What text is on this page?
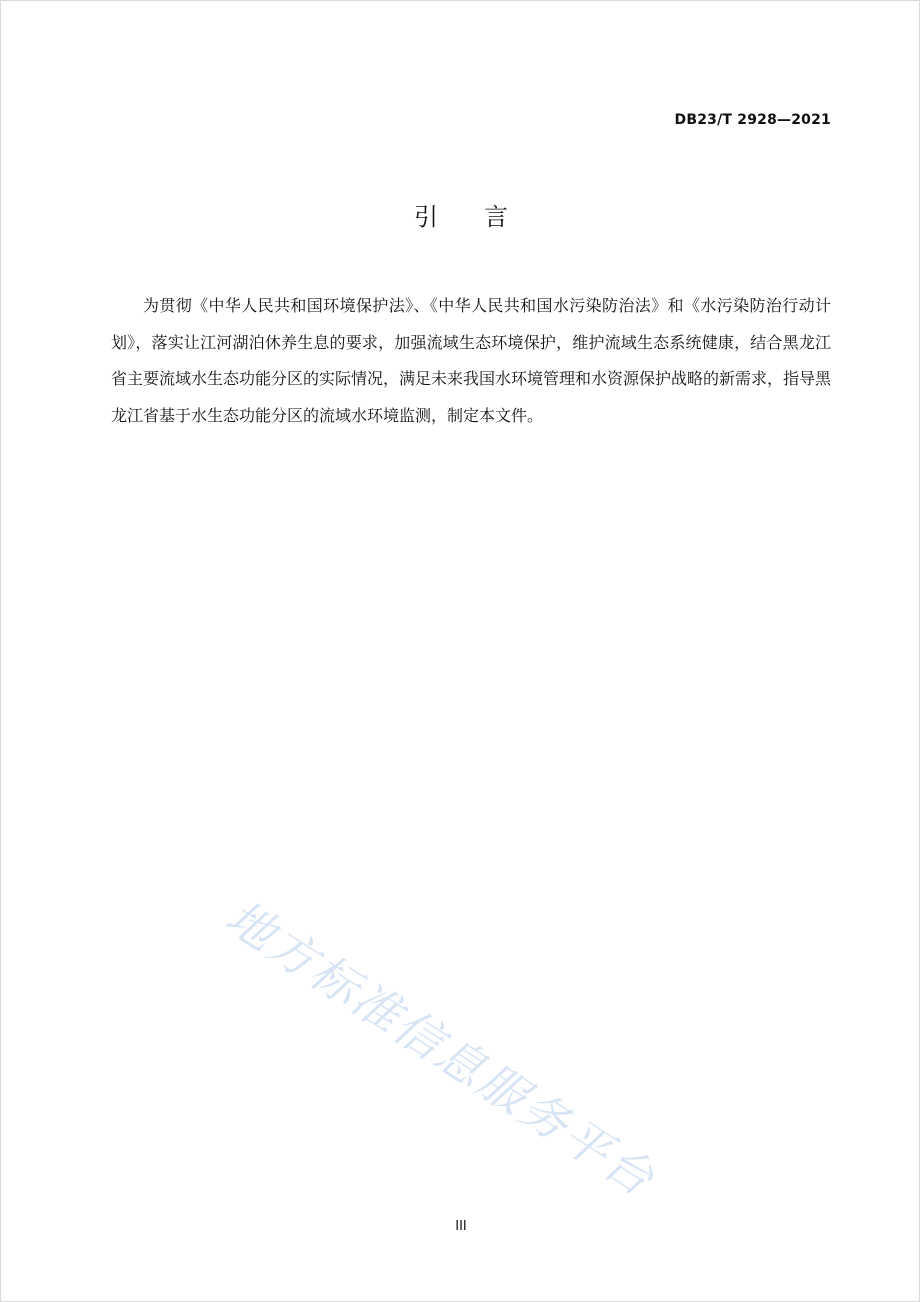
DB23/T 2928—2021
引言

为贯彻《中华人民共和国环境保护法》、《中华人民共和国水污染防治法》和《水污染防治行动计划》，落实让江河湖泊休养生息的要求，加强流域生态环境保护，维护流域生态系统健康，结合黑龙江省主要流域水生态功能分区的实际情况，满足未来我国水环境管理和水资源保护战略的新需求，指导黑龙江省基于水生态功能分区的流域水环境监测，制定本文件。

地方标准信息服务平台
III
